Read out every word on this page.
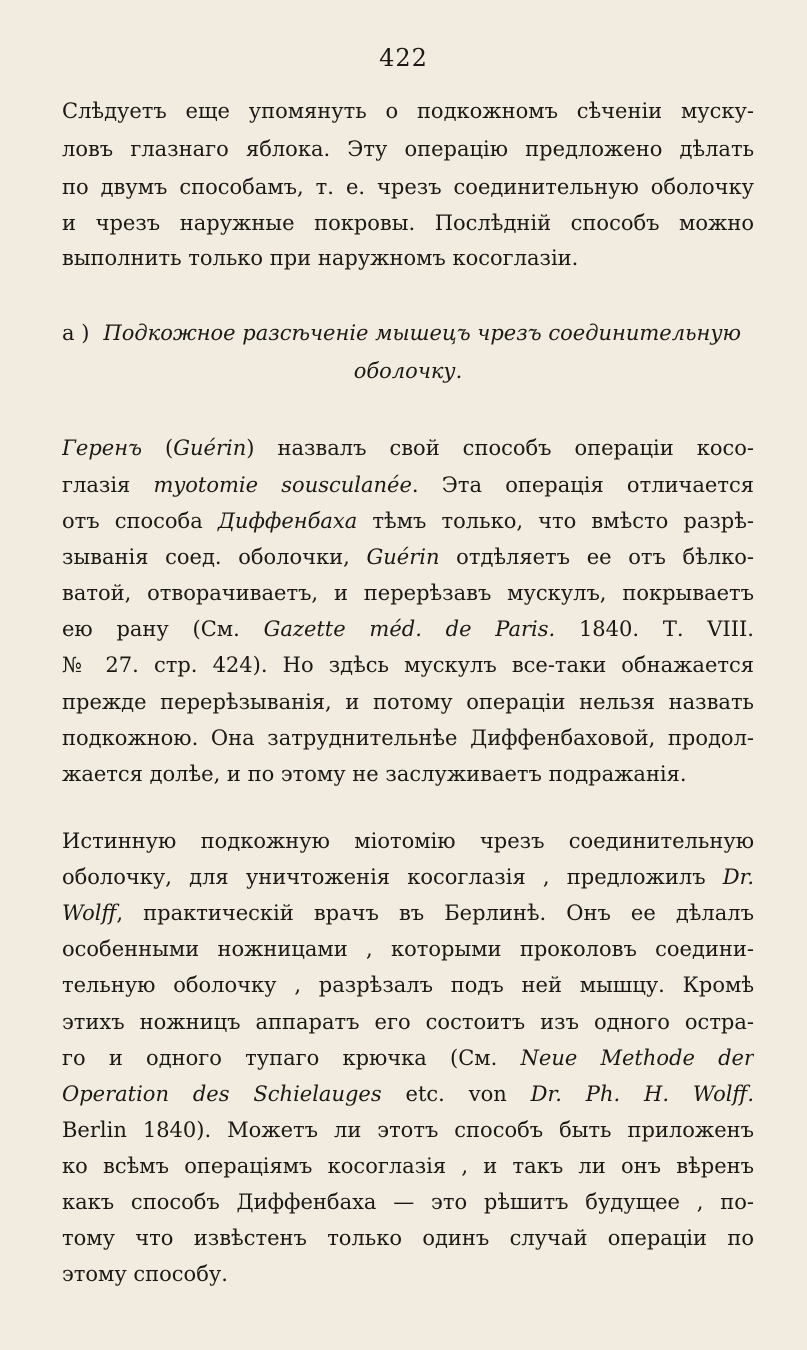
422
Слѣдуетъ еще упомянуть о подкожномъ сѣченіи муску-
ловъ глазнаго яблока. Эту операцію предложено дѣлать
по двумъ способамъ, т. е. чрезъ соединительную оболочку
и чрезъ наружные покровы. Послѣдній способъ можно
выполнить только при наружномъ косоглазіи.
a ) Подкожное разсѣченіе мышецъ чрезъ соединительную
оболочку.
Геренъ (Guérin) назвалъ свой способъ операціи косо-
глазія myotomie sousculanée. Эта операція отличается
отъ способа Диффенбаха тѣмъ только, что вмѣсто разрѣ-
зыванія соед. оболочки, Guérin отдѣляетъ ее отъ бѣлко-
ватой, отворачиваетъ, и перерѣзавъ мускулъ, покрываетъ
ею рану (См. Gazette méd. de Paris. 1840. Т. VIII.
№ 27. стр. 424). Но здѣсь мускулъ все-таки обнажается
прежде перерѣзыванія, и потому операціи нельзя назвать
подкожною. Она затруднительнѣе Диффенбаховой, продол-
жается долѣе, и по этому не заслуживаетъ подражанія.
Истинную подкожную міотомію чрезъ соединительную
оболочку, для уничтоженія косоглазія , предложилъ Dr.
Wolff, практическій врачъ въ Берлинѣ. Онъ ее дѣлалъ
особенными ножницами , которыми проколовъ соедини-
тельную оболочку , разрѣзалъ подъ ней мышцу. Кромѣ
этихъ ножницъ аппаратъ его состоитъ изъ одного остра-
го и одного тупаго крючка (См. Neue Methode der
Operation des Schielauges etc. von Dr. Ph. H. Wolff.
Berlin 1840). Можетъ ли этотъ способъ быть приложенъ
ко всѣмъ операціямъ косоглазія , и такъ ли онъ вѣренъ
какъ способъ Диффенбаха — это рѣшитъ будущее , по-
тому что извѣстенъ только одинъ случай операціи по
этому способу.
